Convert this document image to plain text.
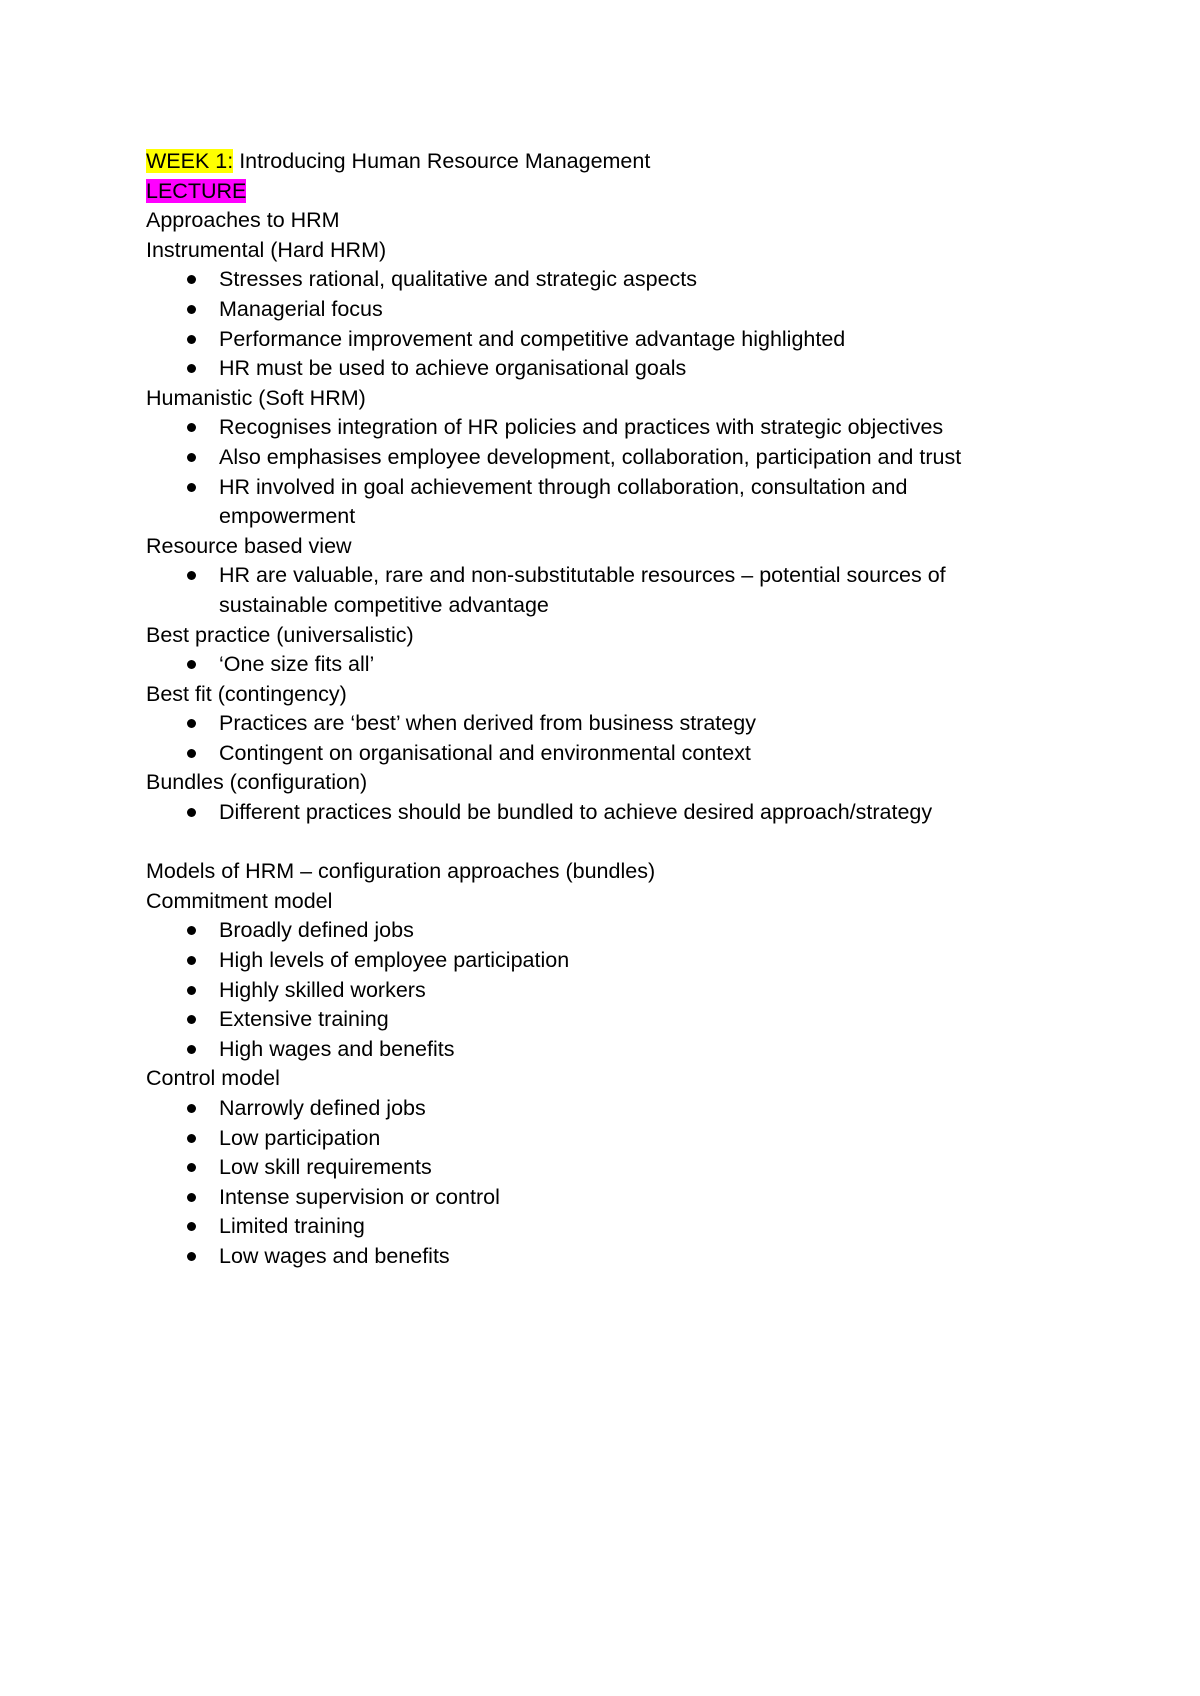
WEEK 1: Introducing Human Resource Management

LECTURE

Approaches to HRM

Instrumental (Hard HRM)

Stresses rational, qualitative and strategic aspects
Managerial focus
Performance improvement and competitive advantage highlighted
HR must be used to achieve organisational goals

Humanistic (Soft HRM)

Recognises integration of HR policies and practices with strategic objectives
Also emphasises employee development, collaboration, participation and trust
HR involved in goal achievement through collaboration, consultation and empowerment

Resource based view

HR are valuable, rare and non-substitutable resources – potential sources of sustainable competitive advantage

Best practice (universalistic)

‘One size fits all’

Best fit (contingency)

Practices are ‘best’ when derived from business strategy
Contingent on organisational and environmental context

Bundles (configuration)

Different practices should be bundled to achieve desired approach/strategy

Models of HRM – configuration approaches (bundles)

Commitment model

Broadly defined jobs
High levels of employee participation
Highly skilled workers
Extensive training
High wages and benefits

Control model

Narrowly defined jobs
Low participation
Low skill requirements
Intense supervision or control
Limited training
Low wages and benefits
